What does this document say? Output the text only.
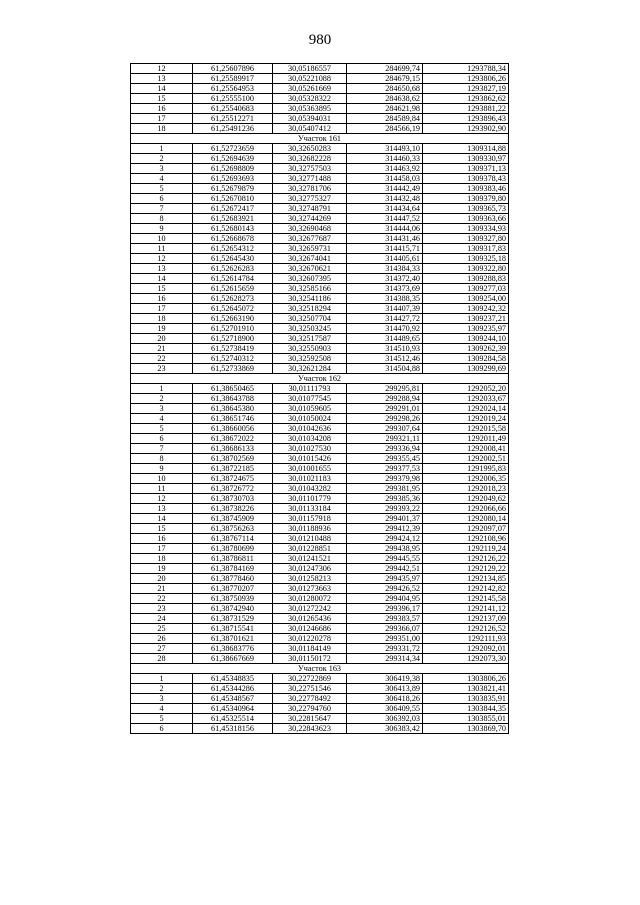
980
12	61,25607896	30,05186557	284699,74	1293788,34
13	61,25589917	30,05221088	284679,15	1293806,26
14	61,25564953	30,05261669	284650,68	1293827,19
15	61,25555100	30,05328322	284638,62	1293862,62
16	61,25540683	30,05363895	284621,98	1293881,22
17	61,25512271	30,05394031	284589,84	1293896,43
18	61,25491236	30,05407412	284566,19	1293902,90
Участок 161				
1	61,52723659	30,32650283	314493,10	1309314,88
2	61,52694639	30,32682228	314460,33	1309330,97
3	61,52698809	30,32757503	314463,92	1309371,13
4	61,52693693	30,32771488	314458,03	1309378,43
5	61,52679879	30,32781706	314442,49	1309383,46
6	61,52670810	30,32775327	314432,48	1309379,80
7	61,52672417	30,32748791	314434,64	1309365,73
8	61,52683921	30,32744269	314447,52	1309363,66
9	61,52680143	30,32690468	314444,06	1309334,93
10	61,52668678	30,32677687	314431,46	1309327,80
11	61,52654312	30,32659731	314415,71	1309317,83
12	61,52645430	30,32674041	314405,61	1309325,18
13	61,52626283	30,32670621	314384,33	1309322,80
14	61,52614784	30,32607395	314372,40	1309288,83
15	61,52615659	30,32585166	314373,69	1309277,03
16	61,52628273	30,32541186	314388,35	1309254,00
17	61,52645072	30,32518294	314407,39	1309242,32
18	61,52663190	30,32507704	314427,72	1309237,21
19	61,52701910	30,32503245	314470,92	1309235,97
20	61,52718900	30,32517587	314489,65	1309244,10
21	61,52738419	30,32550903	314510,93	1309262,39
22	61,52740312	30,32592508	314512,46	1309284,58
23	61,52733869	30,32621284	314504,88	1309299,69
Участок 162				
1	61,38650465	30,01111793	299295,81	1292052,20
2	61,38643788	30,01077545	299288,94	1292033,67
3	61,38645380	30,01059605	299291,01	1292024,14
4	61,38651746	30,01050024	299298,26	1292019,24
5	61,38660056	30,01042636	299307,64	1292015,58
6	61,38672022	30,01034208	299321,11	1292011,49
7	61,38686133	30,01027530	299336,94	1292008,41
8	61,38702569	30,01015426	299355,45	1292002,51
9	61,38722185	30,01001655	299377,53	1291995,83
10	61,38724675	30,01021183	299379,98	1292006,35
11	61,38726772	30,01043282	299381,95	1292018,23
12	61,38730703	30,01101779	299385,36	1292049,62
13	61,38738226	30,01133184	299393,22	1292066,66
14	61,38745909	30,01157918	299401,37	1292080,14
15	61,38756263	30,01188936	299412,39	1292097,07
16	61,38767114	30,01210488	299424,12	1292108,96
17	61,38780699	30,01228851	299438,95	1292119,24
18	61,38786811	30,01241521	299445,55	1292126,22
19	61,38784169	30,01247306	299442,51	1292129,22
20	61,38778460	30,01258213	299435,97	1292134,85
21	61,38770207	30,01273663	299426,52	1292142,82
22	61,38750939	30,01280072	299404,95	1292145,58
23	61,38742940	30,01272242	299396,17	1292141,12
24	61,38731529	30,01265436	299383,57	1292137,09
25	61,38715541	30,01246686	299366,07	1292126,52
26	61,38701621	30,01220278	299351,00	1292111,93
27	61,38683776	30,01184149	299331,72	1292092,01
28	61,38667669	30,01150172	299314,34	1292073,30
Участок 163				
1	61,45348835	30,22722869	306419,38	1303806,26
2	61,45344286	30,22751546	306413,89	1303821,41
3	61,45348567	30,22778492	306418,26	1303835,91
4	61,45340964	30,22794760	306409,55	1303844,35
5	61,45325514	30,22815647	306392,03	1303855,01
6	61,45318156	30,22843623	306383,42	1303869,70
